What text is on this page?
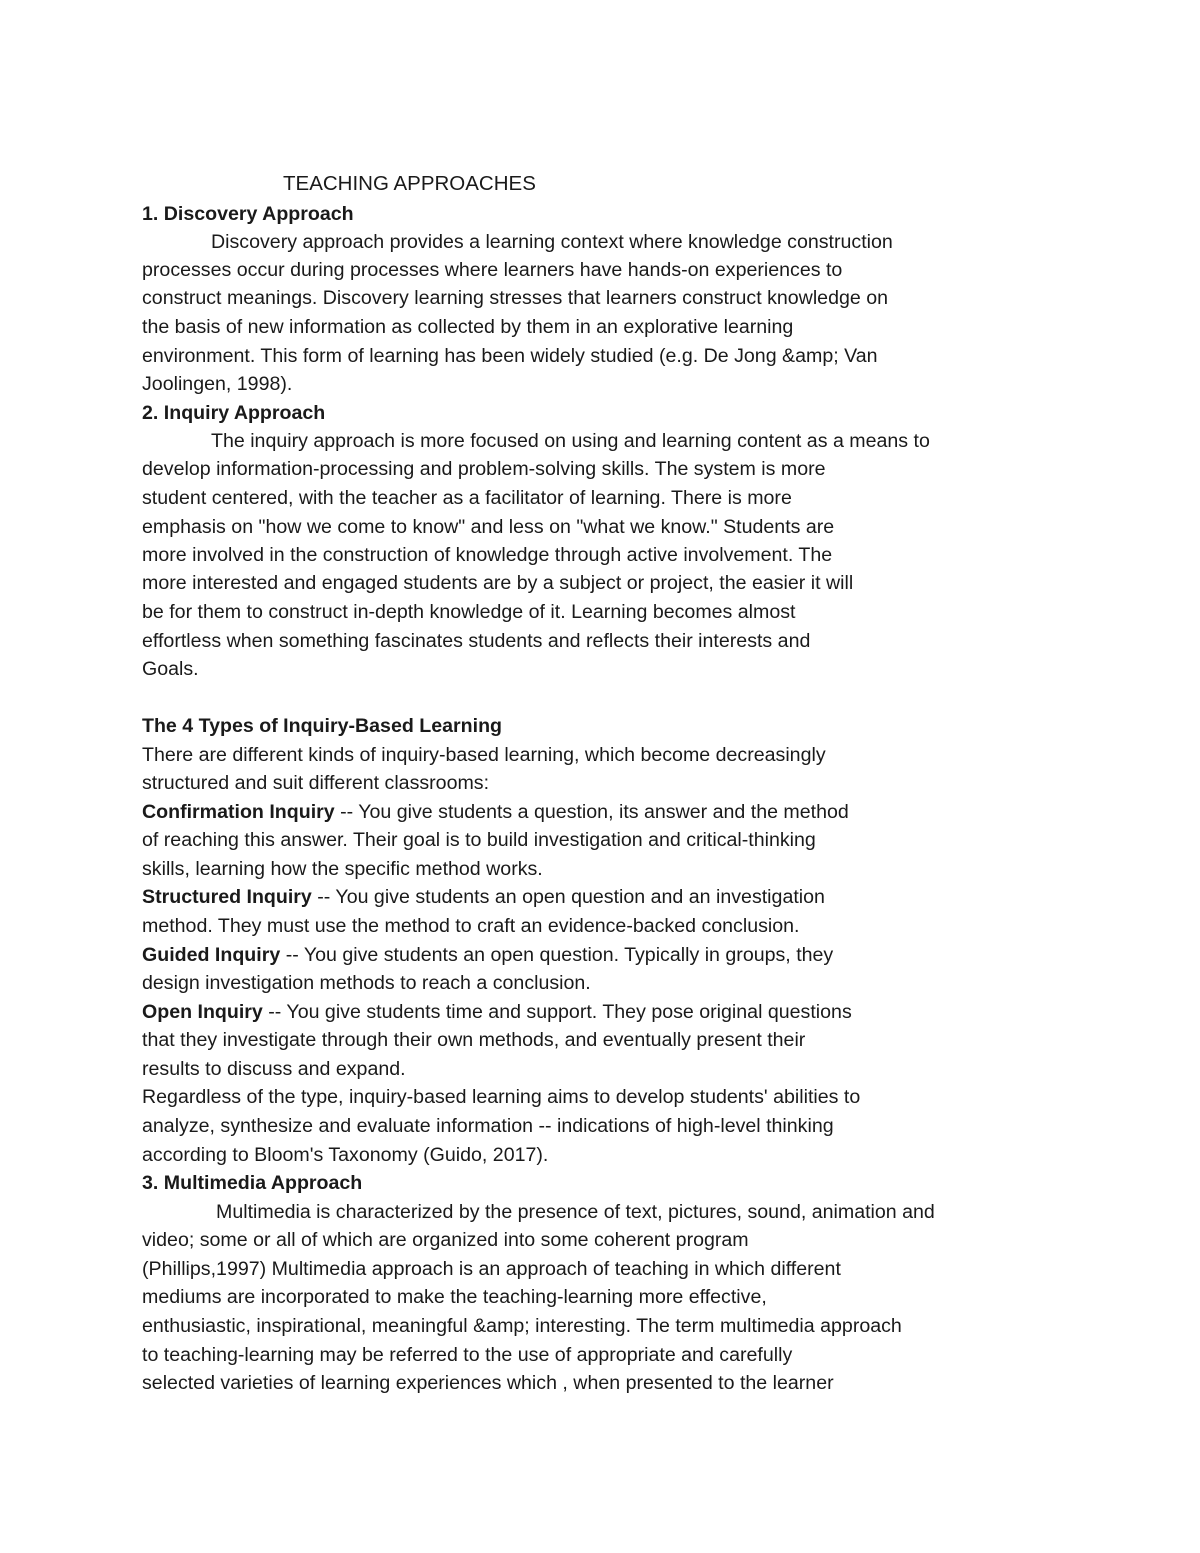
TEACHING APPROACHES
1. Discovery Approach
Discovery approach provides a learning context where knowledge construction
processes occur during processes where learners have hands-on experiences to
construct meanings. Discovery learning stresses that learners construct knowledge on
the basis of new information as collected by them in an explorative learning
environment. This form of learning has been widely studied (e.g. De Jong &amp; Van
Joolingen, 1998).
2. Inquiry Approach
The inquiry approach is more focused on using and learning content as a means to
develop information-processing and problem-solving skills. The system is more
student centered, with the teacher as a facilitator of learning. There is more
emphasis on "how we come to know" and less on "what we know." Students are
more involved in the construction of knowledge through active involvement. The
more interested and engaged students are by a subject or project, the easier it will
be for them to construct in-depth knowledge of it. Learning becomes almost
effortless when something fascinates students and reflects their interests and
Goals.
The 4 Types of Inquiry-Based Learning
There are different kinds of inquiry-based learning, which become decreasingly
structured and suit different classrooms:
Confirmation Inquiry -- You give students a question, its answer and the method
of reaching this answer. Their goal is to build investigation and critical-thinking
skills, learning how the specific method works.
Structured Inquiry -- You give students an open question and an investigation
method. They must use the method to craft an evidence-backed conclusion.
Guided Inquiry -- You give students an open question. Typically in groups, they
design investigation methods to reach a conclusion.
Open Inquiry -- You give students time and support. They pose original questions
that they investigate through their own methods, and eventually present their
results to discuss and expand.
Regardless of the type, inquiry-based learning aims to develop students' abilities to
analyze, synthesize and evaluate information -- indications of high-level thinking
according to Bloom's Taxonomy (Guido, 2017).
3. Multimedia Approach
Multimedia is characterized by the presence of text, pictures, sound, animation and
video; some or all of which are organized into some coherent program
(Phillips,1997) Multimedia approach is an approach of teaching in which different
mediums are incorporated to make the teaching-learning more effective,
enthusiastic, inspirational, meaningful &amp; interesting. The term multimedia approach
to teaching-learning may be referred to the use of appropriate and carefully
selected varieties of learning experiences which , when presented to the learner
